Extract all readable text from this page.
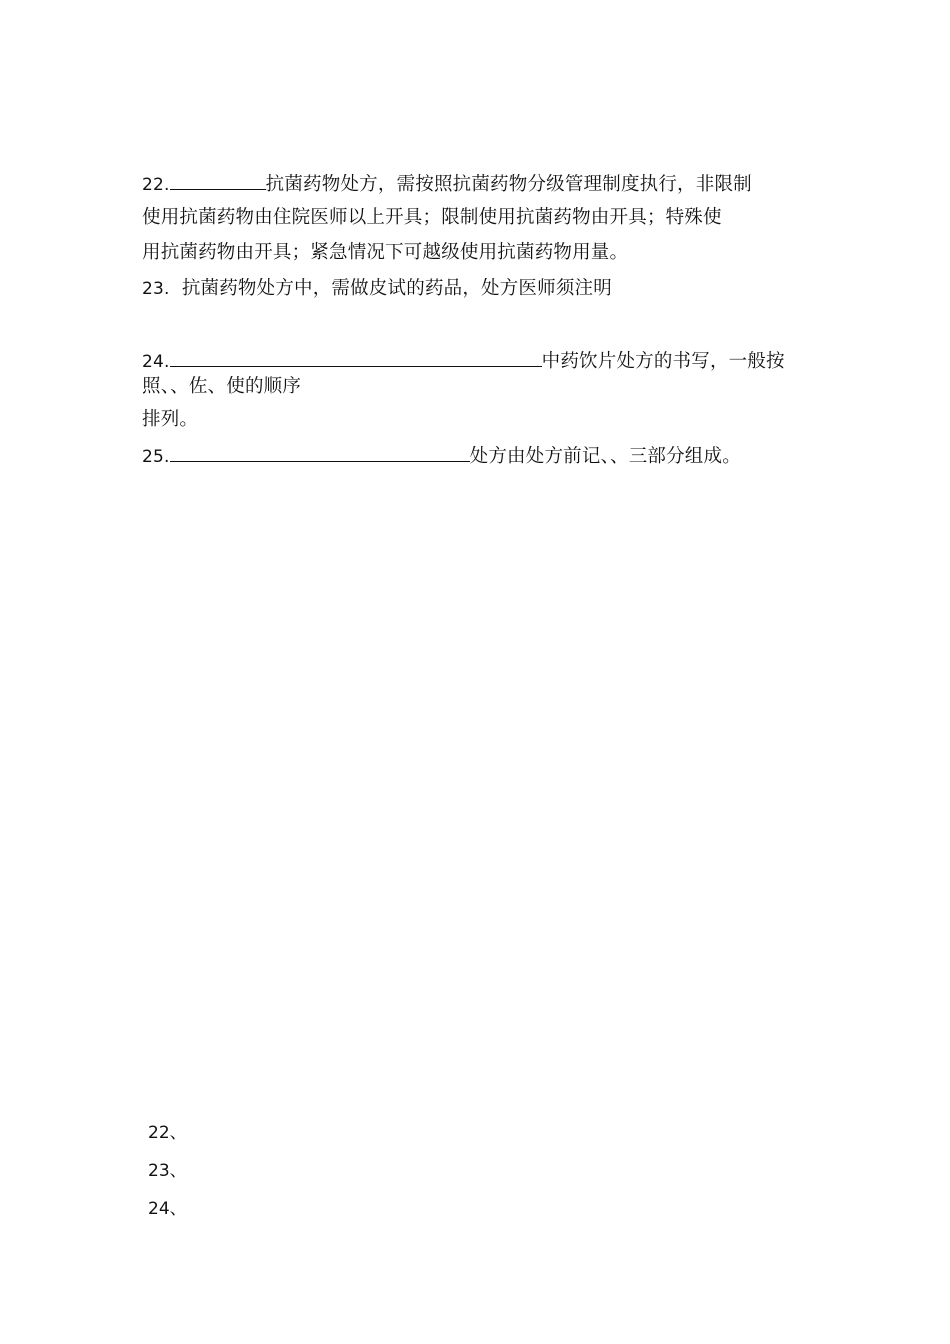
22.	抗菌药物处方，需按照抗菌药物分级管理制度执行，非限制
使用抗菌药物由住院医师以上开具；限制使用抗菌药物由开具；特殊使
用抗菌药物由开具；紧急情况下可越级使用抗菌药物用量。
23. 抗菌药物处方中，需做皮试的药品，处方医师须注明
24.	中药饮片处方的书写，一般按
照、、佐、使的顺序
排列。
25.	处方由处方前记、、三部分组成。
22、
23、
24、
